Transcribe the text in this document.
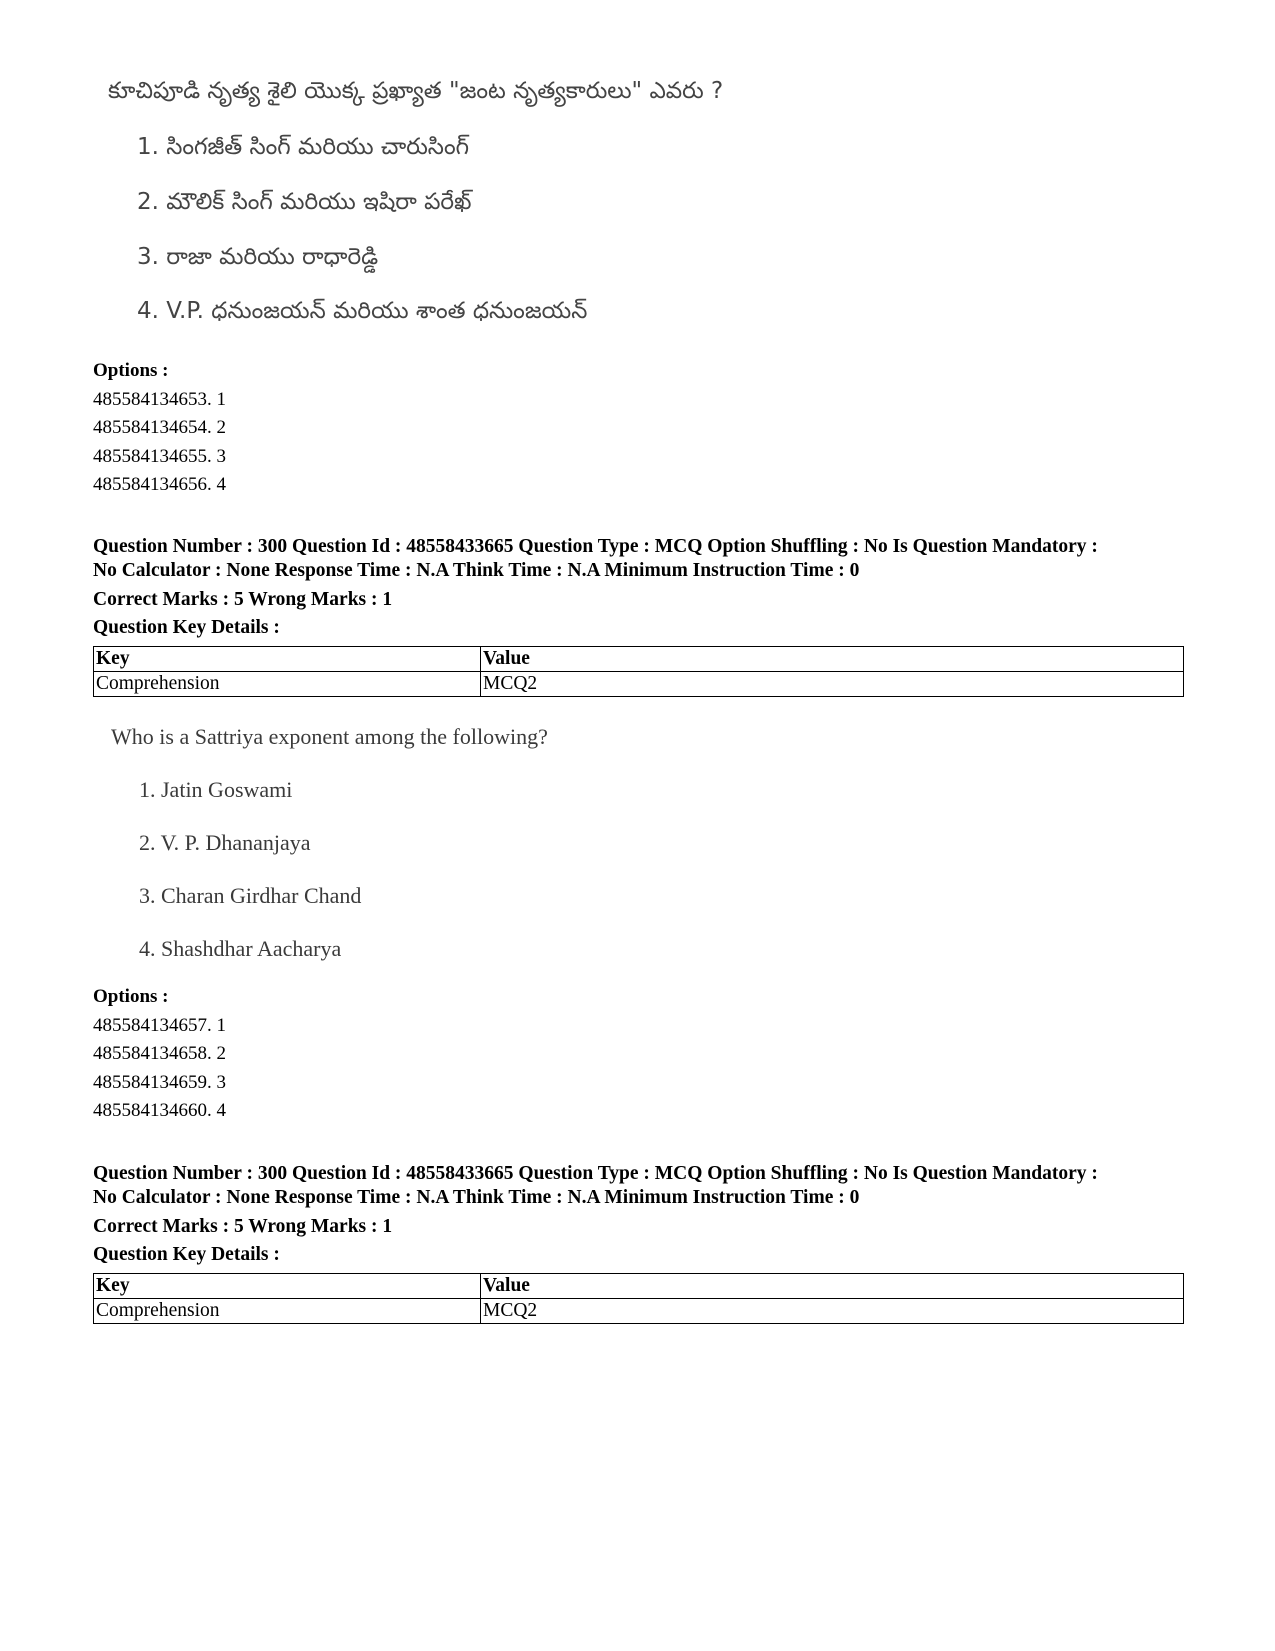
కూచిపూడి నృత్య శైలి యొక్క ప్రఖ్యాత "జంట నృత్యకారులు" ఎవరు ?
1. సింగజీత్ సింగ్ మరియు చారుసింగ్
2. మౌలిక్ సింగ్ మరియు ఇషిరా పరేఖ్
3. రాజా మరియు రాధారెడ్డి
4. V.P. ధనుంజయన్ మరియు శాంత ధనుంజయన్
Options :
485584134653. 1
485584134654. 2
485584134655. 3
485584134656. 4
Question Number : 300 Question Id : 48558433665 Question Type : MCQ Option Shuffling : No Is Question Mandatory :
No Calculator : None Response Time : N.A Think Time : N.A Minimum Instruction Time : 0
Correct Marks : 5 Wrong Marks : 1
Question Key Details :
Key	Value
Comprehension	MCQ2
Who is a Sattriya exponent among the following?
1. Jatin Goswami
2. V. P. Dhananjaya
3. Charan Girdhar Chand
4. Shashdhar Aacharya
Options :
485584134657. 1
485584134658. 2
485584134659. 3
485584134660. 4
Question Number : 300 Question Id : 48558433665 Question Type : MCQ Option Shuffling : No Is Question Mandatory :
No Calculator : None Response Time : N.A Think Time : N.A Minimum Instruction Time : 0
Correct Marks : 5 Wrong Marks : 1
Question Key Details :
Key	Value
Comprehension	MCQ2
